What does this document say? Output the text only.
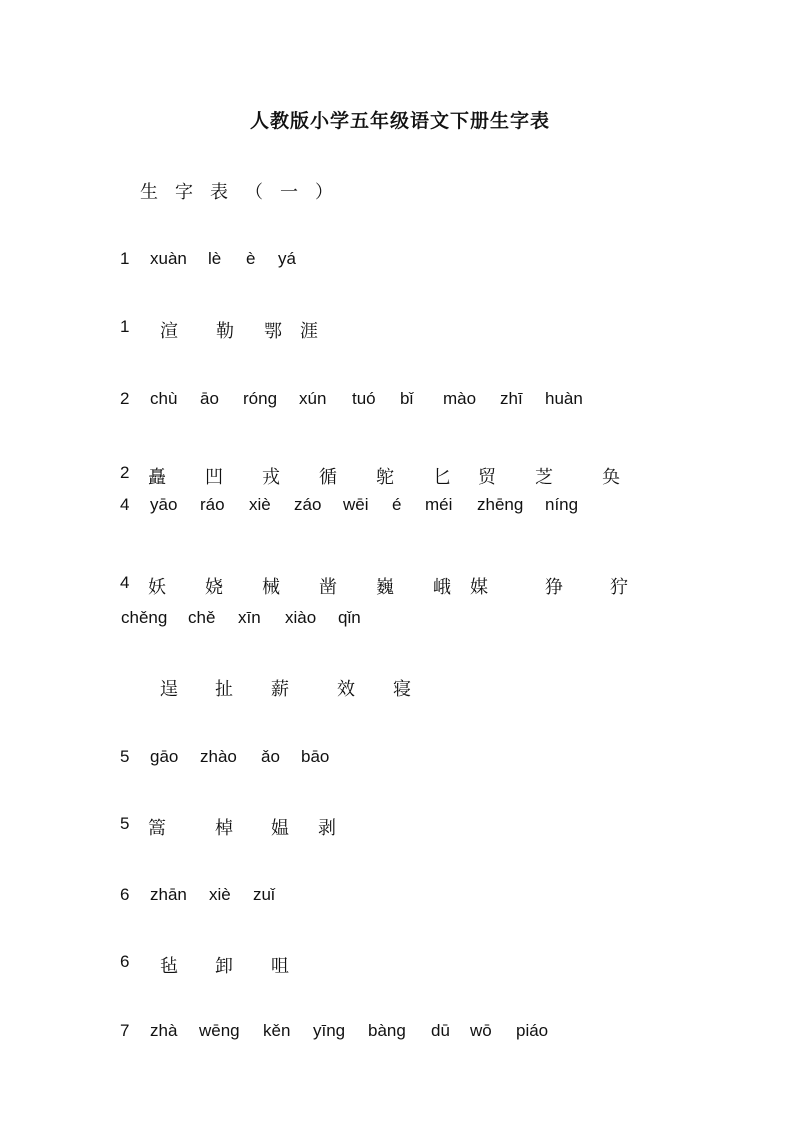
人教版小学五年级语文下册生字表
生字表（一）
1 xuàn lè è yá
1 渲 勒 鄂 涯
2 chù āo róng xún tuó bǐ mào zhī huàn
2 矗 凹 戎 循 鸵 匕 贸 芝	奂
4 yāo ráo xiè záo wēi é méi zhēng níng
4 妖 娆 械 凿 巍 峨 媒	狰	狞
chěng chě xīn xiào qǐn
逞 扯 薪	效 寝
5 gāo zhào ǎo bāo
5 篙	棹 媪 剥
6 zhān xiè zuǐ
6 毡 卸 咀
7 zhà wēng kěn yīng bàng dū wō piáo
